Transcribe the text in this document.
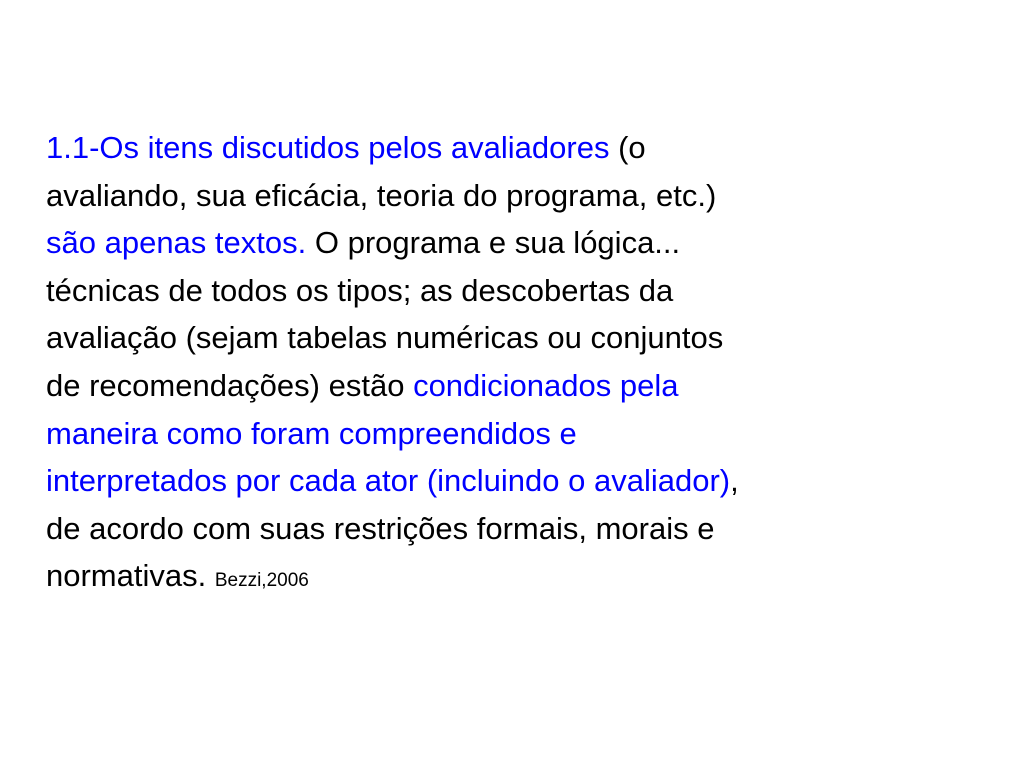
1.1-Os itens discutidos pelos avaliadores (o
avaliando, sua eficácia, teoria do programa, etc.)
são apenas textos. O programa e sua lógica...
técnicas de todos os tipos; as descobertas da
avaliação (sejam tabelas numéricas ou conjuntos
de recomendações) estão condicionados pela
maneira como foram compreendidos e
interpretados por cada ator (incluindo o avaliador),
de acordo com suas restrições formais, morais e
normativas. Bezzi,2006
